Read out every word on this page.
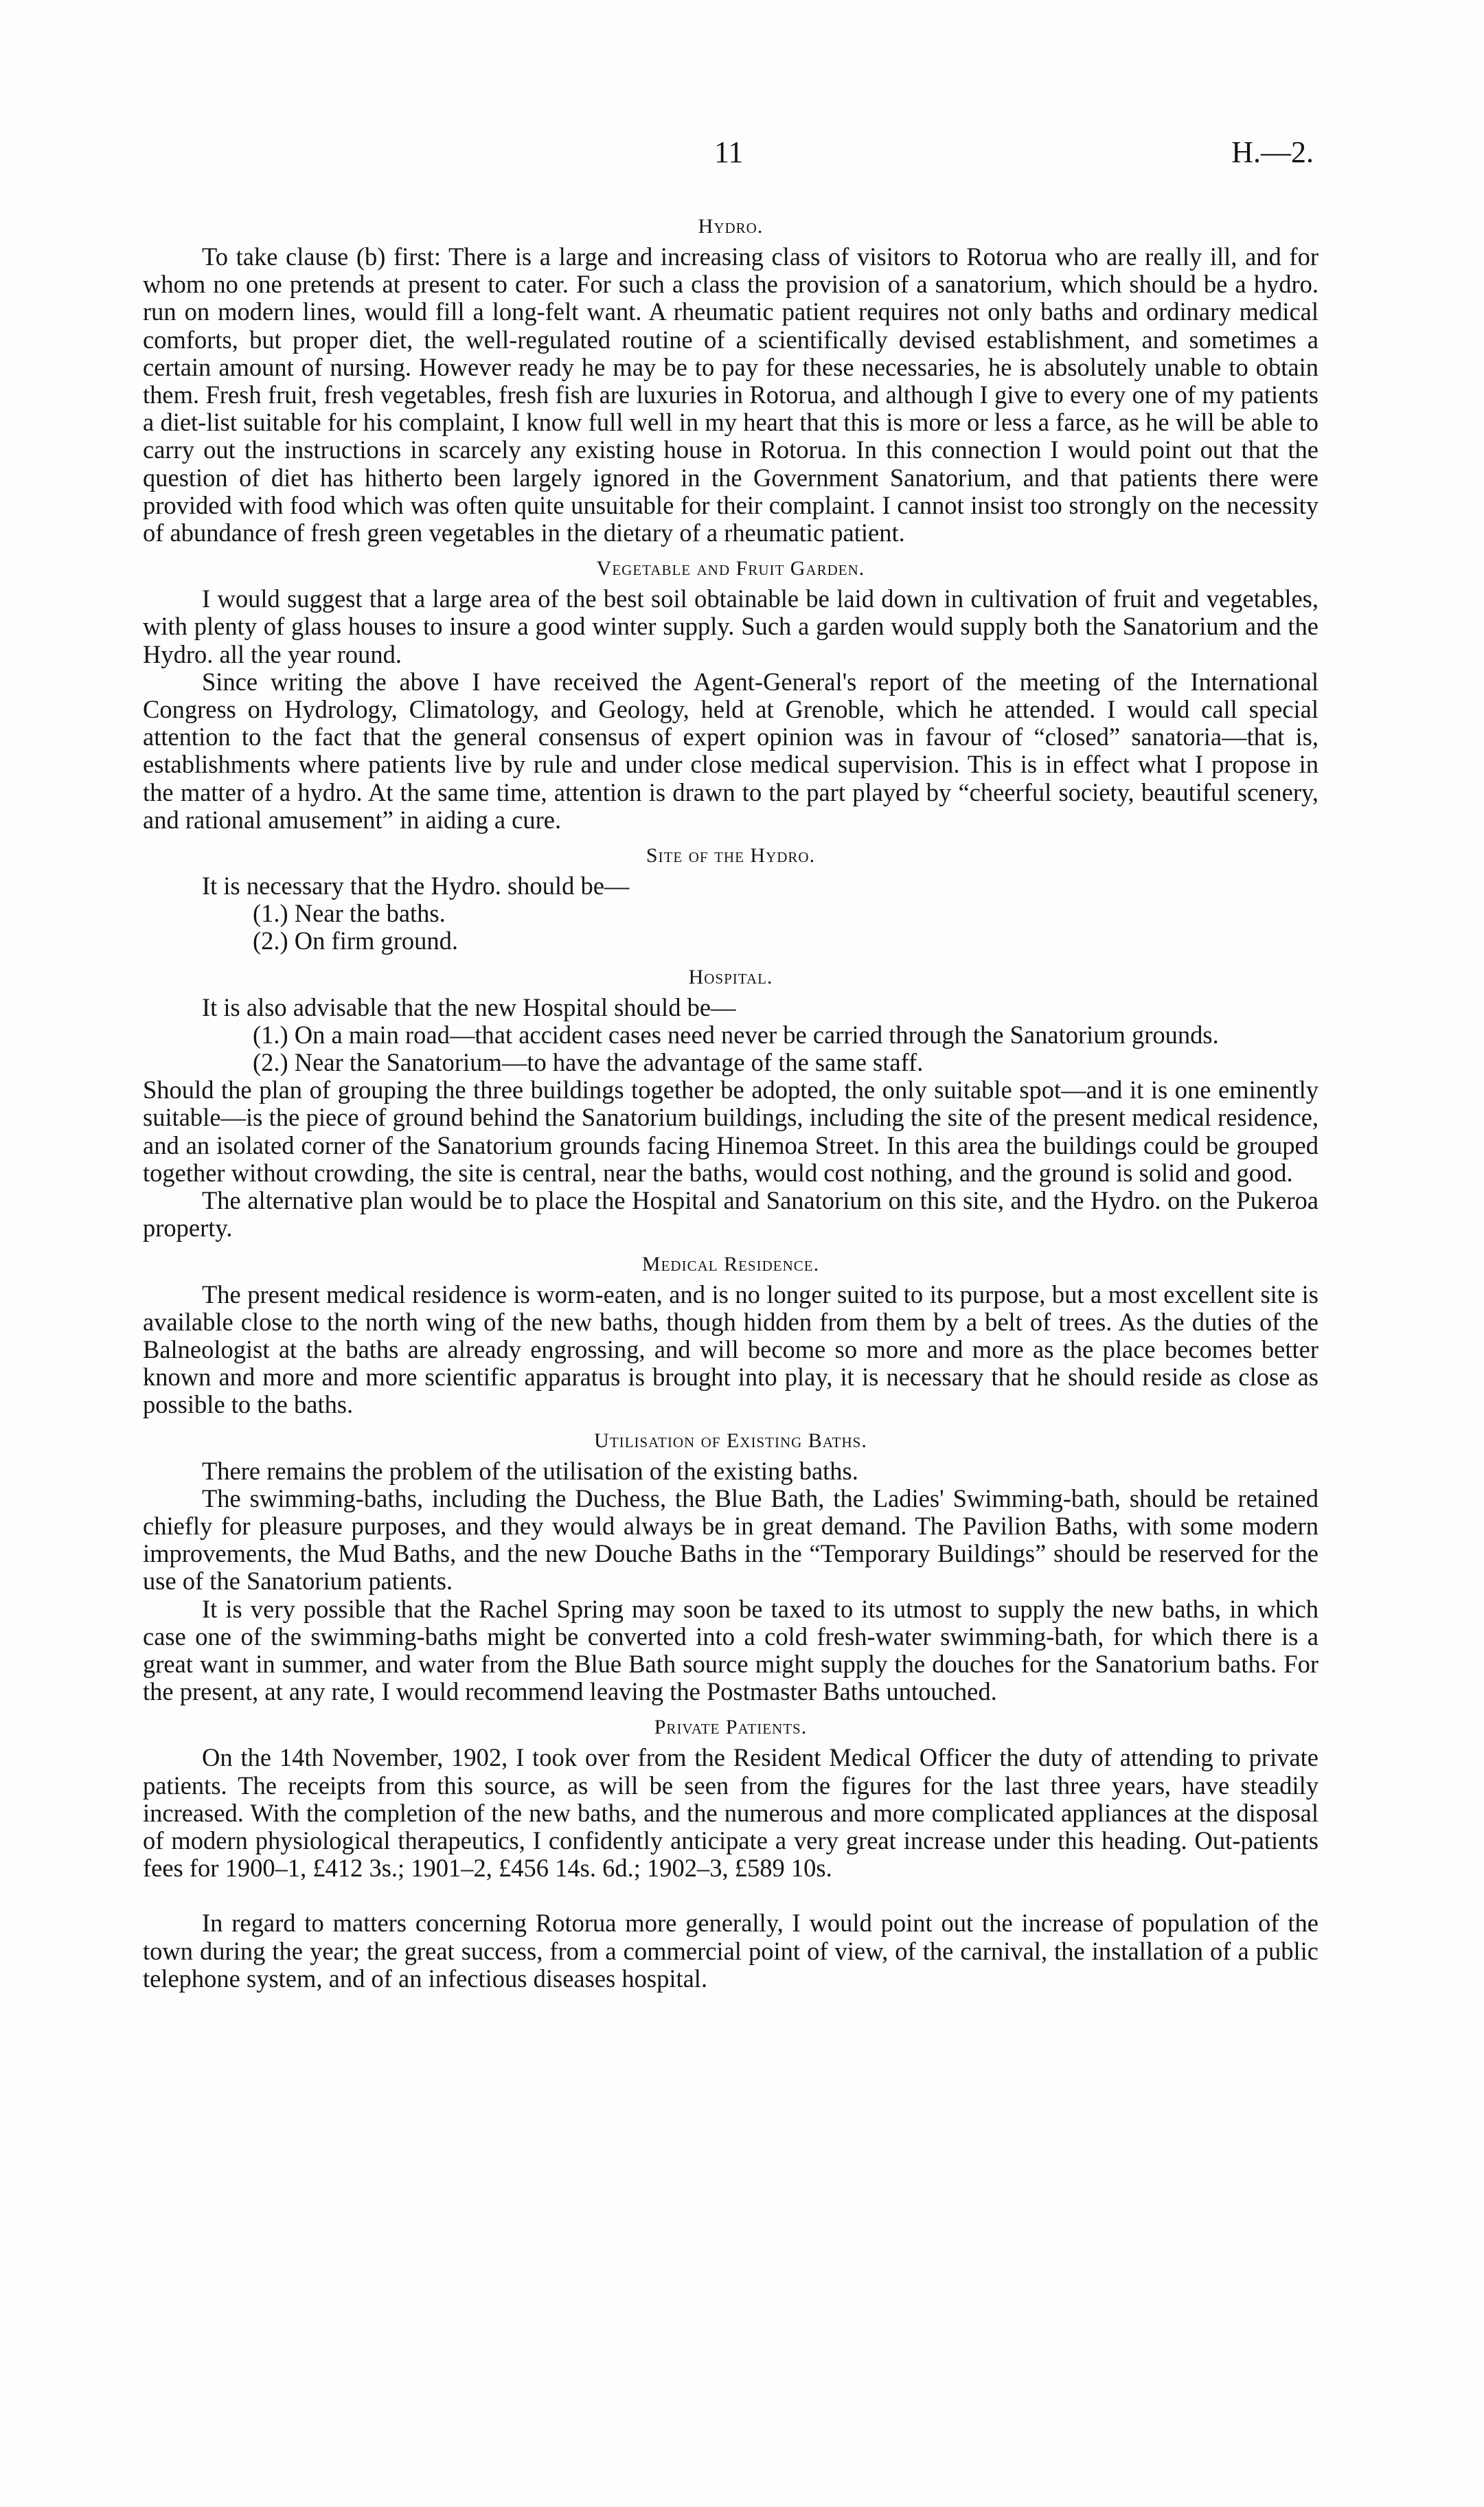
11	H.—2.
Hydro.

To take clause (b) first: There is a large and increasing class of visitors to Rotorua who are really ill, and for whom no one pretends at present to cater. For such a class the provision of a sanatorium, which should be a hydro. run on modern lines, would fill a long-felt want. A rheumatic patient requires not only baths and ordinary medical comforts, but proper diet, the well-regulated routine of a scientifically devised establishment, and sometimes a certain amount of nursing. However ready he may be to pay for these necessaries, he is absolutely unable to obtain them. Fresh fruit, fresh vegetables, fresh fish are luxuries in Rotorua, and although I give to every one of my patients a diet-list suitable for his complaint, I know full well in my heart that this is more or less a farce, as he will be able to carry out the instructions in scarcely any existing house in Rotorua. In this connection I would point out that the question of diet has hitherto been largely ignored in the Government Sanatorium, and that patients there were provided with food which was often quite unsuitable for their complaint. I cannot insist too strongly on the necessity of abundance of fresh green vegetables in the dietary of a rheumatic patient.

Vegetable and Fruit Garden.

I would suggest that a large area of the best soil obtainable be laid down in cultivation of fruit and vegetables, with plenty of glass houses to insure a good winter supply. Such a garden would supply both the Sanatorium and the Hydro. all the year round.

Since writing the above I have received the Agent-General's report of the meeting of the International Congress on Hydrology, Climatology, and Geology, held at Grenoble, which he attended. I would call special attention to the fact that the general consensus of expert opinion was in favour of “closed” sanatoria—that is, establishments where patients live by rule and under close medical supervision. This is in effect what I propose in the matter of a hydro. At the same time, attention is drawn to the part played by “cheerful society, beautiful scenery, and rational amusement” in aiding a cure.

Site of the Hydro.

It is necessary that the Hydro. should be—

(1.) Near the baths.

(2.) On firm ground.

Hospital.

It is also advisable that the new Hospital should be—

(1.) On a main road—that accident cases need never be carried through the Sanatorium grounds.

(2.) Near the Sanatorium—to have the advantage of the same staff.

Should the plan of grouping the three buildings together be adopted, the only suitable spot—and it is one eminently suitable—is the piece of ground behind the Sanatorium buildings, including the site of the present medical residence, and an isolated corner of the Sanatorium grounds facing Hinemoa Street. In this area the buildings could be grouped together without crowding, the site is central, near the baths, would cost nothing, and the ground is solid and good.

The alternative plan would be to place the Hospital and Sanatorium on this site, and the Hydro. on the Pukeroa property.

Medical Residence.

The present medical residence is worm-eaten, and is no longer suited to its purpose, but a most excellent site is available close to the north wing of the new baths, though hidden from them by a belt of trees. As the duties of the Balneologist at the baths are already engrossing, and will become so more and more as the place becomes better known and more and more scientific apparatus is brought into play, it is necessary that he should reside as close as possible to the baths.

Utilisation of Existing Baths.

There remains the problem of the utilisation of the existing baths.

The swimming-baths, including the Duchess, the Blue Bath, the Ladies' Swimming-bath, should be retained chiefly for pleasure purposes, and they would always be in great demand. The Pavilion Baths, with some modern improvements, the Mud Baths, and the new Douche Baths in the “Temporary Buildings” should be reserved for the use of the Sanatorium patients.

It is very possible that the Rachel Spring may soon be taxed to its utmost to supply the new baths, in which case one of the swimming-baths might be converted into a cold fresh-water swimming-bath, for which there is a great want in summer, and water from the Blue Bath source might supply the douches for the Sanatorium baths. For the present, at any rate, I would recommend leaving the Postmaster Baths untouched.

Private Patients.

On the 14th November, 1902, I took over from the Resident Medical Officer the duty of attending to private patients. The receipts from this source, as will be seen from the figures for the last three years, have steadily increased. With the completion of the new baths, and the numerous and more complicated appliances at the disposal of modern physiological therapeutics, I confidently anticipate a very great increase under this heading. Out-patients fees for 1900–1, £412 3s.; 1901–2, £456 14s. 6d.; 1902–3, £589 10s.

In regard to matters concerning Rotorua more generally, I would point out the increase of population of the town during the year; the great success, from a commercial point of view, of the carnival, the installation of a public telephone system, and of an infectious diseases hospital.
